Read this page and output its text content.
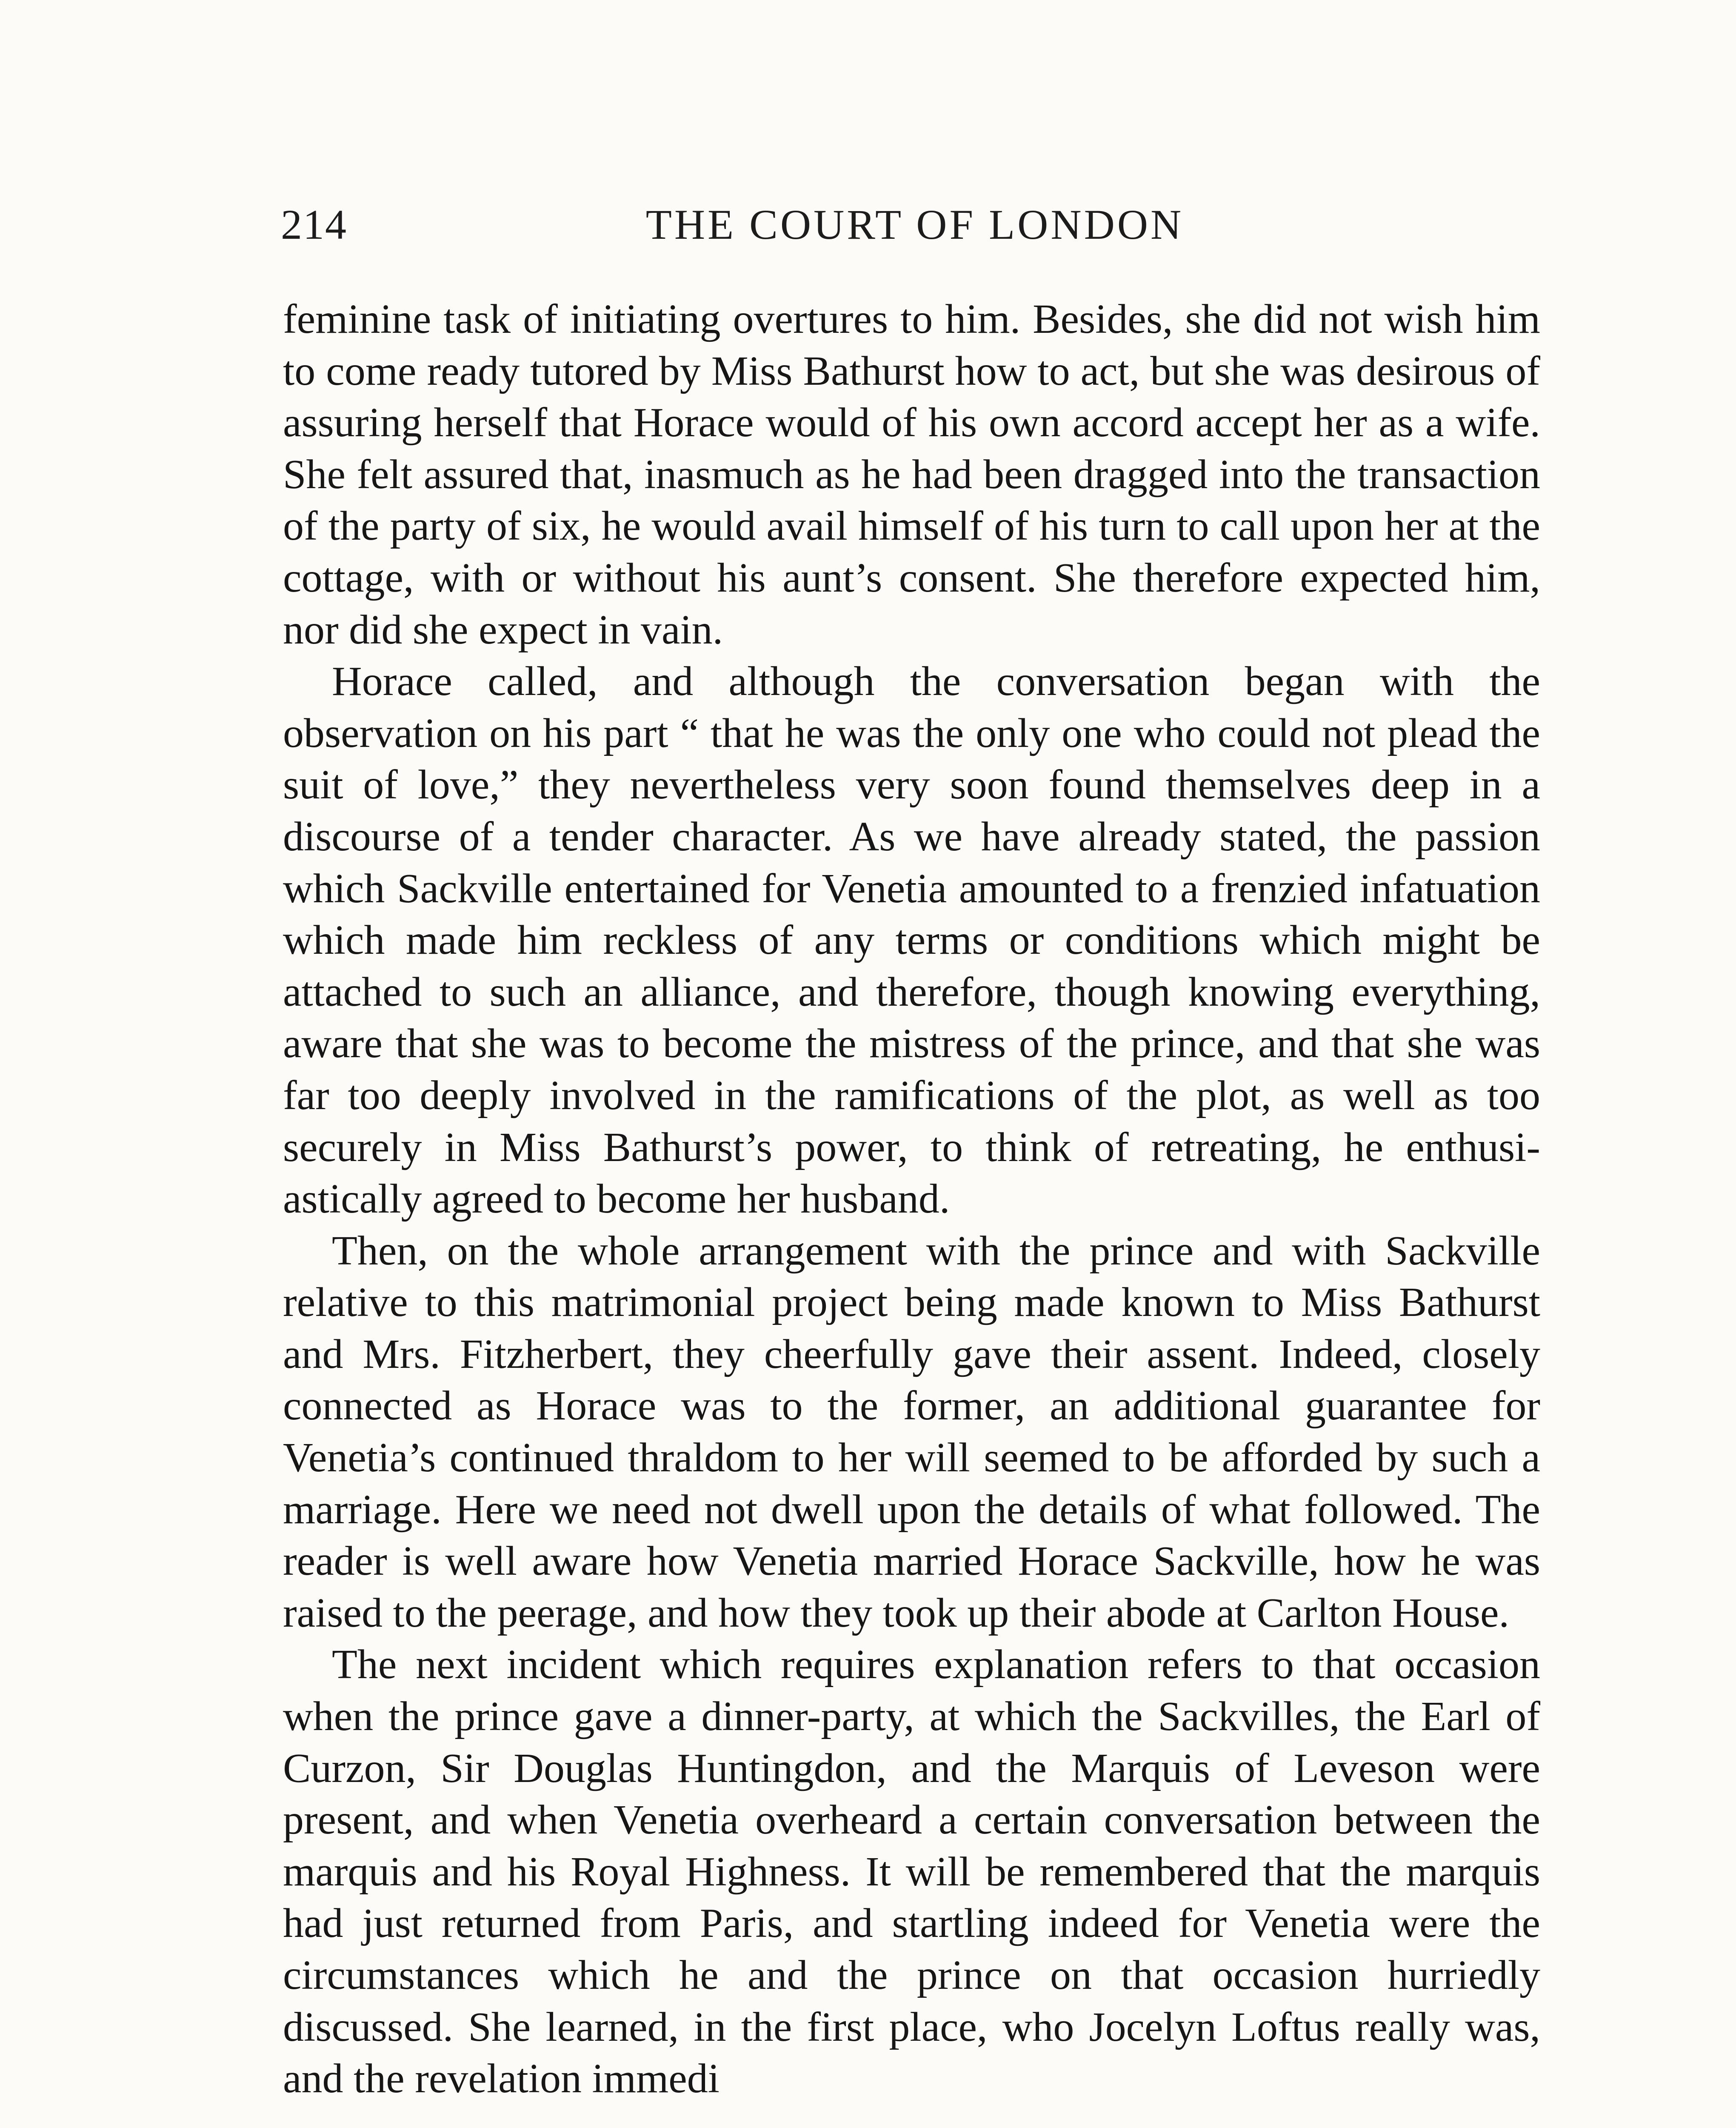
214	THE COURT OF LONDON

feminine task of initiating overtures to him. Besides, she did not wish him to come ready tutored by Miss Bathurst how to act, but she was desirous of assuring herself that Horace would of his own accord accept her as a wife. She felt assured that, inasmuch as he had been dragged into the transaction of the party of six, he would avail himself of his turn to call upon her at the cottage, with or without his aunt’s consent. She therefore expected him, nor did she expect in vain.

Horace called, and although the conversation began with the observation on his part “ that he was the only one who could not plead the suit of love,” they nevertheless very soon found themselves deep in a discourse of a tender character. As we have already stated, the passion which Sackville entertained for Venetia amounted to a frenzied infatuation which made him reckless of any terms or conditions which might be attached to such an alliance, and therefore, though knowing everything, aware that she was to become the mistress of the prince, and that she was far too deeply involved in the ramifications of the plot, as well as too securely in Miss Bathurst’s power, to think of retreating, he enthusiastically agreed to become her husband.

Then, on the whole arrangement with the prince and with Sackville relative to this matrimonial project being made known to Miss Bathurst and Mrs. Fitzherbert, they cheerfully gave their assent. Indeed, closely connected as Horace was to the former, an additional guarantee for Venetia’s continued thraldom to her will seemed to be afforded by such a marriage. Here we need not dwell upon the details of what followed. The reader is well aware how Venetia married Horace Sackville, how he was raised to the peerage, and how they took up their abode at Carlton House.

The next incident which requires explanation refers to that occasion when the prince gave a dinner-party, at which the Sackvilles, the Earl of Curzon, Sir Douglas Huntingdon, and the Marquis of Leveson were present, and when Venetia overheard a certain conversation between the marquis and his Royal Highness. It will be remembered that the marquis had just returned from Paris, and startling indeed for Venetia were the circumstances which he and the prince on that occasion hurriedly discussed. She learned, in the first place, who Jocelyn Loftus really was, and the revelation immedi
